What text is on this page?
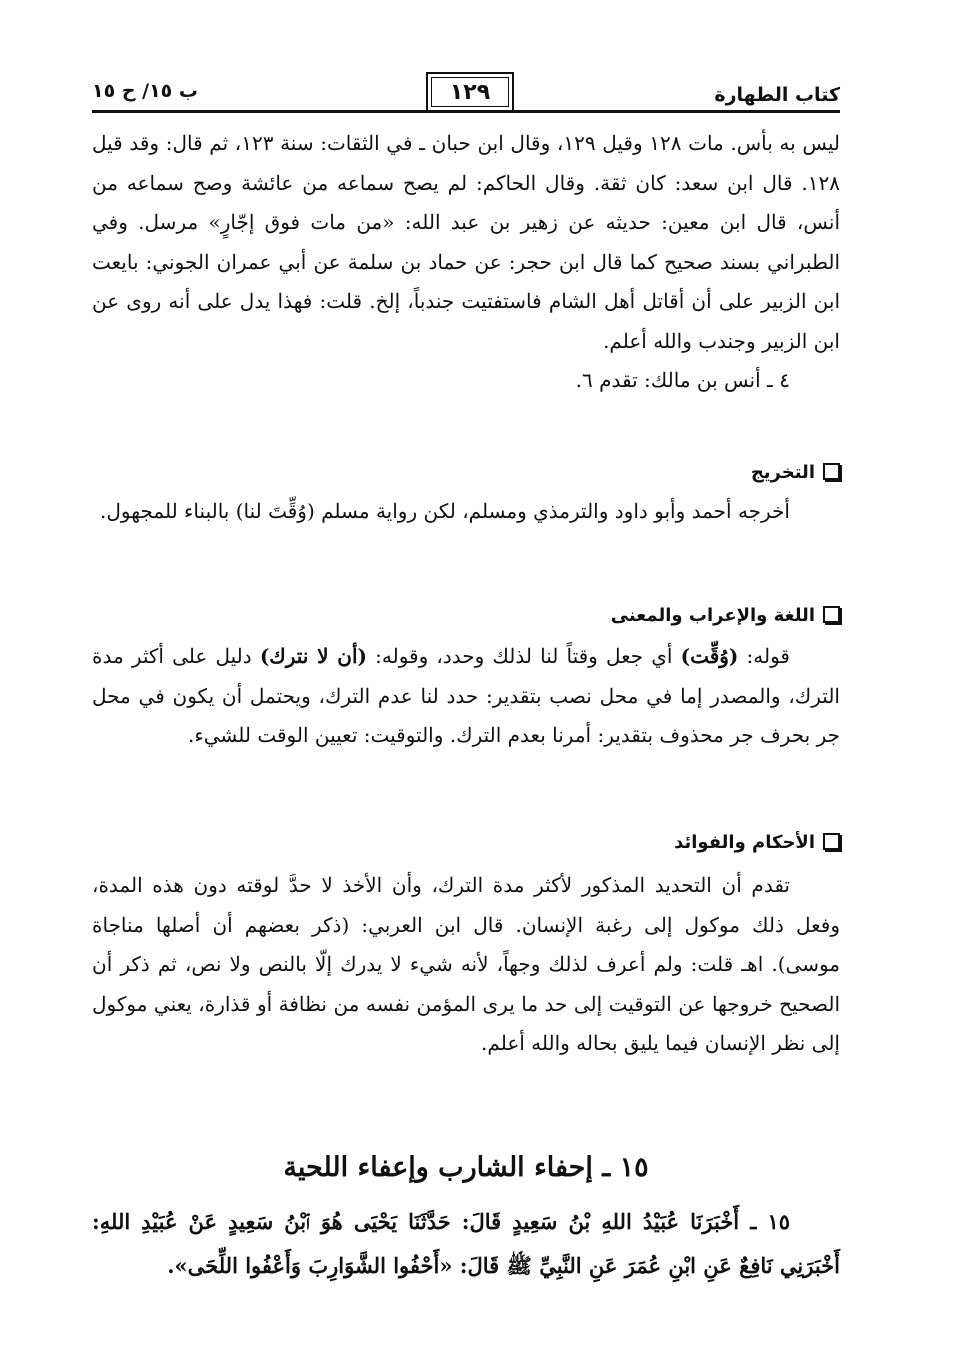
كتاب الطهارة
١٢٩
ب ١٥/ ح ١٥

ليس به بأس. مات ١٢٨ وقيل ١٢٩، وقال ابن حبان ـ في الثقات: سنة ١٢٣، ثم قال: وقد قيل ١٢٨. قال ابن سعد: كان ثقة. وقال الحاكم: لم يصح سماعه من عائشة وصح سماعه من أنس، قال ابن معين: حديثه عن زهير بن عبد الله: «من مات فوق إجّارٍ» مرسل. وفي الطبراني بسند صحيح كما قال ابن حجر: عن حماد بن سلمة عن أبي عمران الجوني: بايعت ابن الزبير على أن أقاتل أهل الشام فاستفتيت جندباً، إلخ. قلت: فهذا يدل على أنه روى عن ابن الزبير وجندب والله أعلم.

٤ ـ أنس بن مالك: تقدم ٦.

التخريج

أخرجه أحمد وأبو داود والترمذي ومسلم، لكن رواية مسلم (وُقِّتَ لنا) بالبناء للمجهول.

اللغة والإعراب والمعنى

قوله: (وُقِّت) أي جعل وقتاً لنا لذلك وحدد، وقوله: (أن لا نترك) دليل على أكثر مدة الترك، والمصدر إما في محل نصب بتقدير: حدد لنا عدم الترك، ويحتمل أن يكون في محل جر بحرف جر محذوف بتقدير: أمرنا بعدم الترك. والتوقيت: تعيين الوقت للشيء.

الأحكام والفوائد

تقدم أن التحديد المذكور لأكثر مدة الترك، وأن الأخذ لا حدَّ لوقته دون هذه المدة، وفعل ذلك موكول إلى رغبة الإنسان. قال ابن العربي: (ذكر بعضهم أن أصلها مناجاة موسى). اهـ قلت: ولم أعرف لذلك وجهاً، لأنه شيء لا يدرك إلّا بالنص ولا نص، ثم ذكر أن الصحيح خروجها عن التوقيت إلى حد ما يرى المؤمن نفسه من نظافة أو قذارة، يعني موكول إلى نظر الإنسان فيما يليق بحاله والله أعلم.

١٥ ـ إحفاء الشارب وإعفاء اللحية

١٥ ـ أَخْبَرَنَا عُبَيْدُ اللهِ بْنُ سَعِيدٍ قَالَ: حَدَّثَنَا يَحْيَى هُوَ ٱبْنُ سَعِيدٍ عَنْ عُبَيْدِ اللهِ: أَخْبَرَنِي نَافِعٌ عَنِ ابْنِ عُمَرَ عَنِ النَّبِيِّ ﷺ قَالَ: «أَحْفُوا الشَّوَارِبَ وَأَعْفُوا اللِّحَى».
